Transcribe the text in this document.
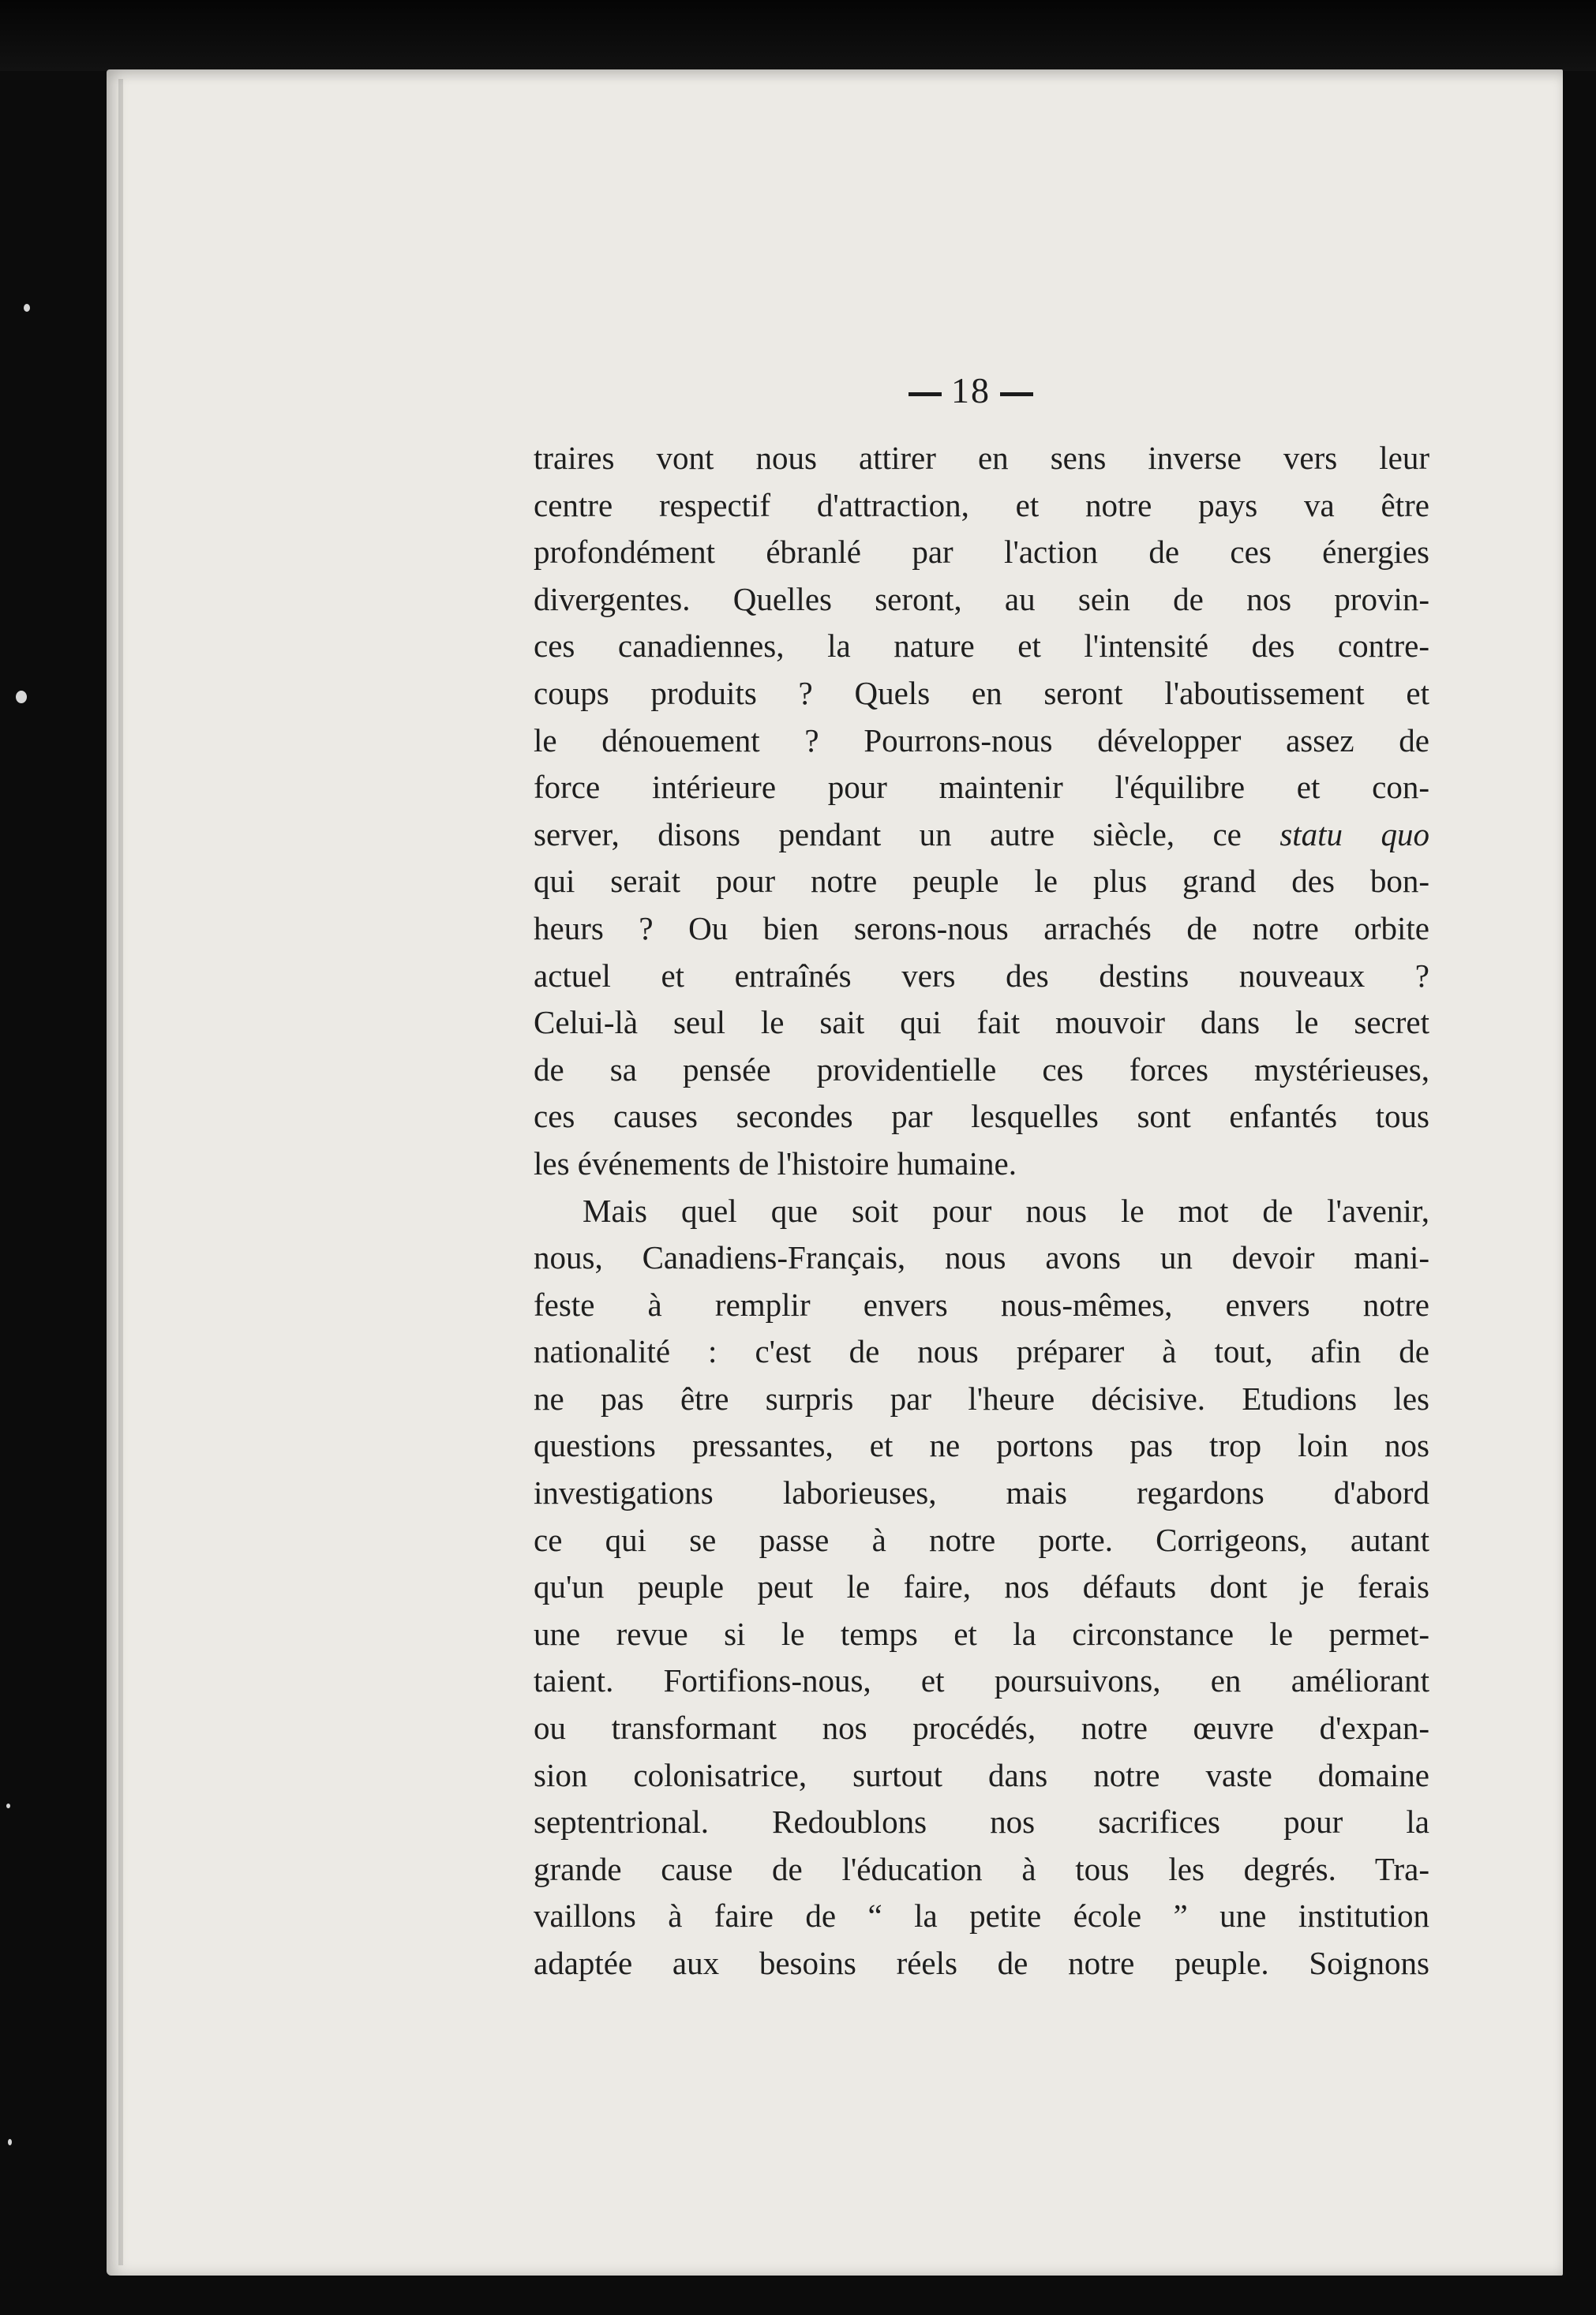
18
traires vont nous attirer en sens inverse vers leur
centre respectif d'attraction, et notre pays va être
profondément ébranlé par l'action de ces énergies
divergentes. Quelles seront, au sein de nos provin-
ces canadiennes, la nature et l'intensité des contre-
coups produits ? Quels en seront l'aboutissement et
le dénouement ? Pourrons-nous développer assez de
force intérieure pour maintenir l'équilibre et con-
server, disons pendant un autre siècle, ce statu quo
qui serait pour notre peuple le plus grand des bon-
heurs ? Ou bien serons-nous arrachés de notre orbite
actuel et entraînés vers des destins nouveaux ?
Celui-là seul le sait qui fait mouvoir dans le secret
de sa pensée providentielle ces forces mystérieuses,
ces causes secondes par lesquelles sont enfantés tous
les événements de l'histoire humaine.
Mais quel que soit pour nous le mot de l'avenir,
nous, Canadiens-Français, nous avons un devoir mani-
feste à remplir envers nous-mêmes, envers notre
nationalité : c'est de nous préparer à tout, afin de
ne pas être surpris par l'heure décisive. Etudions les
questions pressantes, et ne portons pas trop loin nos
investigations laborieuses, mais regardons d'abord
ce qui se passe à notre porte. Corrigeons, autant
qu'un peuple peut le faire, nos défauts dont je ferais
une revue si le temps et la circonstance le permet-
taient. Fortifions-nous, et poursuivons, en améliorant
ou transformant nos procédés, notre œuvre d'expan-
sion colonisatrice, surtout dans notre vaste domaine
septentrional. Redoublons nos sacrifices pour la
grande cause de l'éducation à tous les degrés. Tra-
vaillons à faire de “ la petite école ” une institution
adaptée aux besoins réels de notre peuple. Soignons
